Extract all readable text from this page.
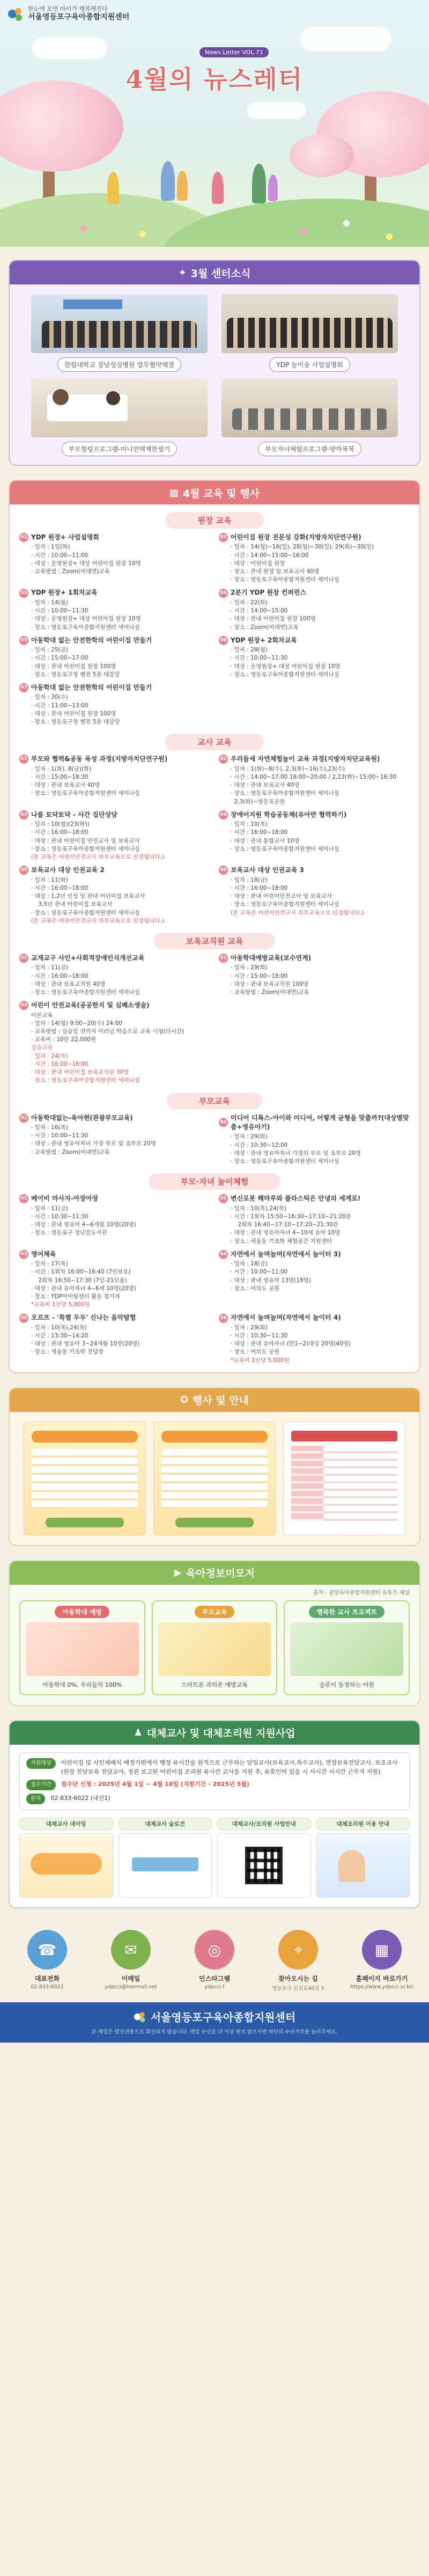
한눈에 보면 아이가 행복해진다
서울영등포구육아종합지원센터
News Letter VOL.71
4월의 뉴스레터
✦ 3월 센터소식
한림대학교 강남성심병원 업무협약체결	YDP 놀이숲 사업설명회
부모힐링프로그램-미니언택제한필기	부모자녀체험프로그램-양까북북
▦ 4월 교육 및 행사
원장 교육
01 YDP 원장+ 사업설명회
· 일자 : 1일(화)
· 시간 : 10:00~11:00
· 대상 : 운영원장+ 대상 어린이집 원장 10명
· 교육방법 : Zoom(비대면)교육
02 어린이집 원장 전문성 강화(지방자치단연구원)
· 일자 : 14(월)~16(일), 28(월)~30(일), 29(화)~30(일)
· 시간 : 14:00~15:00~16:00
· 대상 : 어린이집 원장
· 장소 : 관내 원장 및 보육교사 40명
· 장소 : 영등포구육아종합지원센터 세미나실
03 YDP 원장+ 1회차교육
· 일자 : 14(월)
· 시간 : 10:00~11:30
· 대상 : 운영원장+ 대상 어린이집 원장 10명
· 장소 : 영등포구육아종합지원센터 세미나실
04 2분기 YDP 원장 컨퍼런스
· 일자 : 22(화)
· 시간 : 14:00~15:00
· 대상 : 관내 어린이집 원장 100명
· 장소 : Zoom(비대면)교육
05 아동학대 없는 안전한학의 어린이집 만들기
· 일자 : 25(금)
· 시간 : 15:00~17:00
· 대상 : 관내 어린이집 원장 100명
· 장소 : 영등포구청 별관 5층 대강당
06 YDP 원장+ 2회차교육
· 일자 : 28(월)
· 시간 : 10:00~11:30
· 대상 : 운영원장+ 대상 어린이집 원장 10명
· 장소 : 영등포구육아종합지원센터 세미나실
07 아동학대 없는 안전한학의 어린이집 만들기
· 일자 : 30(수)
· 시간 : 11:00~13:00
· 대상 : 관내 어린이집 원장 100명
· 장소 : 영등포구청 별관 5층 대강당
교사 교육
01 부모와 협력&공동 육성 과정(지방자치단연구원)
· 일자 : 1(화), 8(금)(화)
· 시간 : 15:00~18:30
· 대상 : 관내 보육교사 40명
· 장소 : 영등포구육아종합지원센터 세미나실
02 우리들세 자연체험놀이 교육 과정(지방자치단교육원)
· 일자 : 1(화)~8(수), 2,3(화)~16(수),23(수)
· 시간 : 14:00~17:00 18:00~20:00 / 2,23(화)~15:00~16:30
· 대상 : 관내 보육교사 40명
· 장소 : 영등포구육아종합지원센터 세미나실
2,3(화)~영등포공원
03 나를 토닥토닥 - 사간 집단상담
· 일자 : 10(월)(23(화))
· 시간 : 16:00~18:00
· 대상 : 관내 어린이집 안전교사 및 보육교사
· 장소 : 영등포구육아종합지원센터 세미나실
(본 교육은 어린이안전교사 의무교육으로 인정됩니다.)
04 장애어지원 학습공동체(유아반 협력하기)
· 일자 : 10(목)
· 시간 : 16:00~18:00
· 대상 : 관내 통합교사 10명
· 장소 : 영등포구육아종합지원센터 세미나실
05 보육교사 대상 인권교육 2
· 일자 : 11(화)
· 시간 : 16:00~18:00
· 대상 : 1,2년 인성 및 관내 어린이집 보육교사
3,5년 관내 어린이집 보육교사
· 장소 : 영등포구육아종합지원센터 세미나실
(본 교육은 어린이안전교사 의무교육으로 인정됩니다.)
06 보육교사 대상 인권교육 3
· 일자 : 18(금)
· 시간 : 16:00~18:00
· 대상 : 관내 어린이안전교사 및 보육교사
· 장소 : 영등포구육아종합지원센터 세미나실
(본 교육은 어린이안전교사 의무교육으로 인정됩니다.)
보육교직원 교육
01 교재교구 사인+사회적장애인식개선교육
· 일자 : 11(금)
· 시간 : 16:00~18:00
· 대상 : 관내 보육교직원 40명
· 장소 : 영등포구육아종합지원센터 세미나실
02 아동학대예방교육(보수연계)
· 일자 : 29(화)
· 시간 : 15:00~18:00
· 대상 : 관내 보육교직원 100명
· 교육방법 : Zoom(비대면)교육
03 어린이 안전교육(공공한지 및 심폐소생술)
이론교육
· 일자 : 14(월) 9:00~20(수) 24:00
· 교육방법 : 실습일 전까지 이러닝 학습으로 교육 시청(다시간)
· 교육비 : 10만 22,000원
실습교육
· 일자 : 24(목)
· 시간 : 16:00~18:00
· 대상 : 관내 어린이집 보육교직원 30명
· 장소 : 영등포구육아종합지원센터 세미나실
부모교육
01 아동학대없는-육아현(관광부모교육)
· 일자 : 16(목)
· 시간 : 10:00~11:30
· 대상 : 관내 영유아자녀 가정 부모 및 조부모 20명
· 교육방법 : Zoom(비대면)교육
02
미디어 디톡스-아이와 미디어, 어떻게 균형을 맞출까?(대상별맞춤+영유아기)
· 일자 : 29(화)
· 시간 : 10:30~12:00
· 대상 : 관내 영유아자녀 가정의 부모 및 조부모 20명
· 장소 : 영등포구육아종합지원센터 세미나실
부모·자녀 놀이체험
01 베이비 마사지-아장아장
· 일자 : 11(금)
· 시간 : 10:30~11:30
· 대상 : 관내 영유아 4~6개월 10명(20명)
· 장소 : 영등포구 장난감도서관
02 변신로봇 해마루와 플라스틱은 안녕의 세계로!
· 일자 : 10(목),24(목)
· 시간 : 1회차 15:50~16:30~17:10~21:20분
2회차 16:40~17:10~17:20~21:30분
· 대상 : 관내 영유아자녀 4~10세 유아 10명
· 장소 : 세움동 기조학 체험공간 지원센터
03 영어체육
· 일자 : 17(목)
· 시간 : 1회차 16:00~16:40 (7인보호)
2회차 16:50~17:30 (7인-21인용)
· 대상 : 관내 유아자녀 4~6세 10명(20명)
· 장소 : YDP아이랑센터 활동 참가자
*교육비 1인당 5,000원
04 자연에서 놀며놀며(자연에서 놀이터 3)
· 일자 : 18(금)
· 시간 : 10:00~11:00
· 대상 : 관내 영유아 13명(18명)
· 장소 : 여의도 공원
05 오르프 - '특별 두두' 신나는 음악탐험
· 일자 : 10(목),24(목)
· 시간 : 13:30~14:20
· 대상 : 관내 영유아 3~24개월 10쌍(20명)
· 장소 : 세움동 기조학 전답장
06 자연에서 놀며놀며(자연에서 놀이터 4)
· 일자 : 29(화)
· 시간 : 10:30~11:30
· 대상 : 관내 유아자녀 (만1~2)대상 20명(40명)
· 장소 : 여의도 공원
*교육비 1인당 5,000원
✪ 행사 및 안내
▶ 육아정보미모저
출처 : 중앙육아종합지원센터 유튜브 채널
아동학대 예방
아동학대 0%, 우리들의 100%
부모교육
스마트폰 과의존 예방교육
행복한 교사 프로젝트
슬픈이 동정하는 어원
♟ 대체교사 및 대체조리원 지원사업
지원대상	어린이집 및 사인제배치 배정가편에서 행정 유시간을 원직으로 근무하는 담임교사(보육교사,특수교사), 연장보육전담교사, 보조교사(원장 전담보육 전담교사, 정원 보고된 어린이집 조리원 유사간 교사를 지원 추, 유휴인력 있을 시 사시간 시시간 근무자 지원)
접수기간	접수단 신청 : 2025년 4월 1일 ~ 4월 10일 (지원기간 - 2025년 5월)
문의	02-833-6022 (내선1)
대체교사 네이밍	대체교사 슬로건	대체교사/조리원 사업안내	대체조리원 이용 안내
☎
대표전화
02-833-6022
✉
이메일
ydpcci@hanmail.net
◎
인스타그램
ydpcci.f
⌖
찾아오시는 길
영등포구 신길로40길 5
▦
홈페이지 바로가기
https://www.ydpcci.or.kr/
서울영등포구육아종합지원센터
본 메일은 발신전용으로 회신되지 않습니다. 메일 수신을 더 이상 원치 않으시면 하단의 수신거부를 눌러주세요.
